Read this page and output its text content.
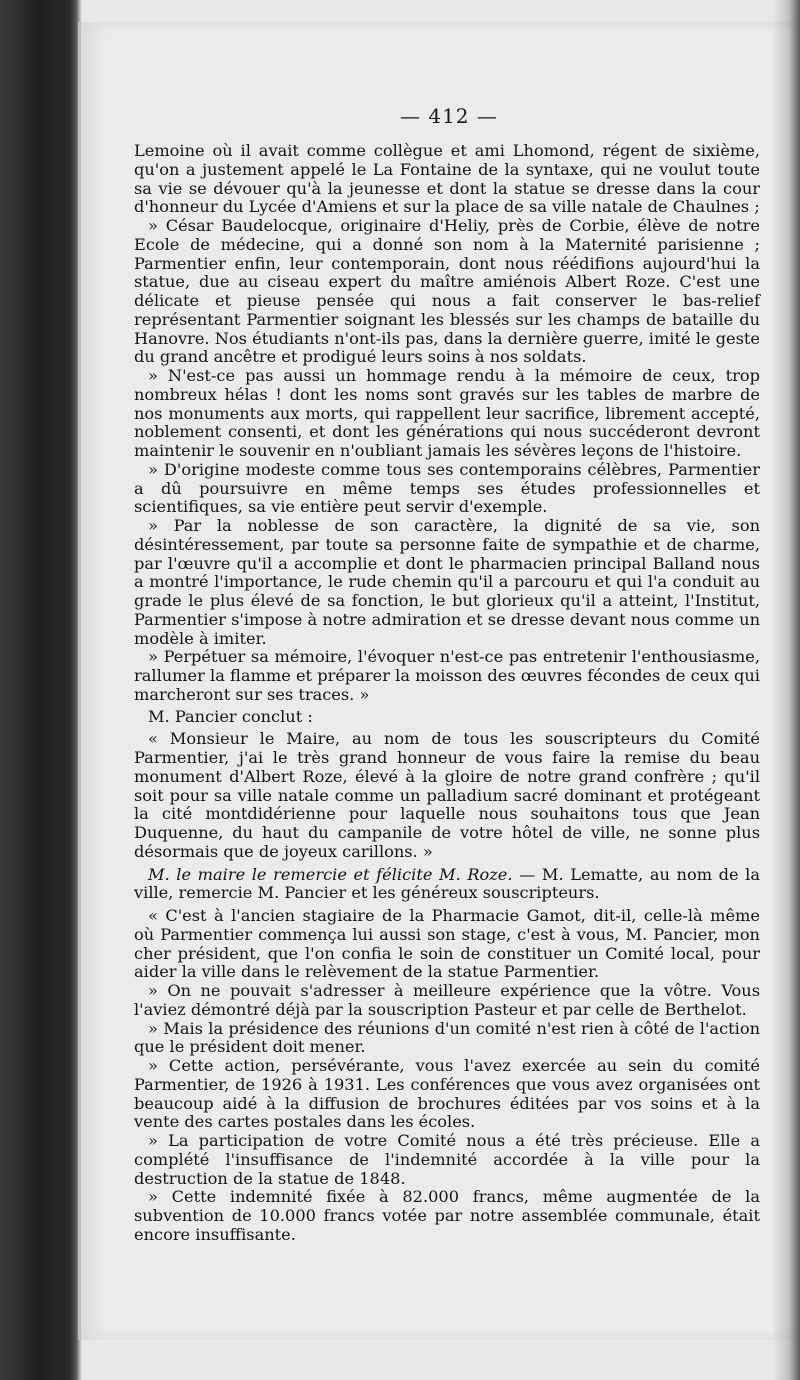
— 412 —

Lemoine où il avait comme collègue et ami Lhomond, régent de sixième, qu'on a justement appelé le La Fontaine de la syntaxe, qui ne voulut toute sa vie se dévouer qu'à la jeunesse et dont la statue se dresse dans la cour d'honneur du Lycée d'Amiens et sur la place de sa ville natale de Chaulnes ;

» César Baudelocque, originaire d'Heliy, près de Corbie, élève de notre Ecole de médecine, qui a donné son nom à la Maternité parisienne ; Parmentier enfin, leur contemporain, dont nous réédifions aujourd'hui la statue, due au ciseau expert du maître amiénois Albert Roze. C'est une délicate et pieuse pensée qui nous a fait conserver le bas-relief représentant Parmentier soignant les blessés sur les champs de bataille du Hanovre. Nos étudiants n'ont-ils pas, dans la dernière guerre, imité le geste du grand ancêtre et prodigué leurs soins à nos soldats.

» N'est-ce pas aussi un hommage rendu à la mémoire de ceux, trop nombreux hélas ! dont les noms sont gravés sur les tables de marbre de nos monuments aux morts, qui rappellent leur sacrifice, librement accepté, noblement consenti, et dont les générations qui nous succéderont devront maintenir le souvenir en n'oubliant jamais les sévères leçons de l'histoire.

» D'origine modeste comme tous ses contemporains célèbres, Parmentier a dû poursuivre en même temps ses études professionnelles et scientifiques, sa vie entière peut servir d'exemple.

» Par la noblesse de son caractère, la dignité de sa vie, son désintéressement, par toute sa personne faite de sympathie et de charme, par l'œuvre qu'il a accomplie et dont le pharmacien principal Balland nous a montré l'importance, le rude chemin qu'il a parcouru et qui l'a conduit au grade le plus élevé de sa fonction, le but glorieux qu'il a atteint, l'Institut, Parmentier s'impose à notre admiration et se dresse devant nous comme un modèle à imiter.

» Perpétuer sa mémoire, l'évoquer n'est-ce pas entretenir l'enthousiasme, rallumer la flamme et préparer la moisson des œuvres fécondes de ceux qui marcheront sur ses traces. »

M. Pancier conclut :

« Monsieur le Maire, au nom de tous les souscripteurs du Comité Parmentier, j'ai le très grand honneur de vous faire la remise du beau monument d'Albert Roze, élevé à la gloire de notre grand confrère ; qu'il soit pour sa ville natale comme un palladium sacré dominant et protégeant la cité montdidérienne pour laquelle nous souhaitons tous que Jean Duquenne, du haut du campanile de votre hôtel de ville, ne sonne plus désormais que de joyeux carillons. »

M. le maire le remercie et félicite M. Roze. — M. Lematte, au nom de la ville, remercie M. Pancier et les généreux souscripteurs.

« C'est à l'ancien stagiaire de la Pharmacie Gamot, dit-il, celle-là même où Parmentier commença lui aussi son stage, c'est à vous, M. Pancier, mon cher président, que l'on confia le soin de constituer un Comité local, pour aider la ville dans le relèvement de la statue Parmentier.

» On ne pouvait s'adresser à meilleure expérience que la vôtre. Vous l'aviez démontré déjà par la souscription Pasteur et par celle de Berthelot.

» Mais la présidence des réunions d'un comité n'est rien à côté de l'action que le président doit mener.

» Cette action, persévérante, vous l'avez exercée au sein du comité Parmentier, de 1926 à 1931. Les conférences que vous avez organisées ont beaucoup aidé à la diffusion de brochures éditées par vos soins et à la vente des cartes postales dans les écoles.

» La participation de votre Comité nous a été très précieuse. Elle a complété l'insuffisance de l'indemnité accordée à la ville pour la destruction de la statue de 1848.

» Cette indemnité fixée à 82.000 francs, même augmentée de la subvention de 10.000 francs votée par notre assemblée communale, était encore insuffisante.
